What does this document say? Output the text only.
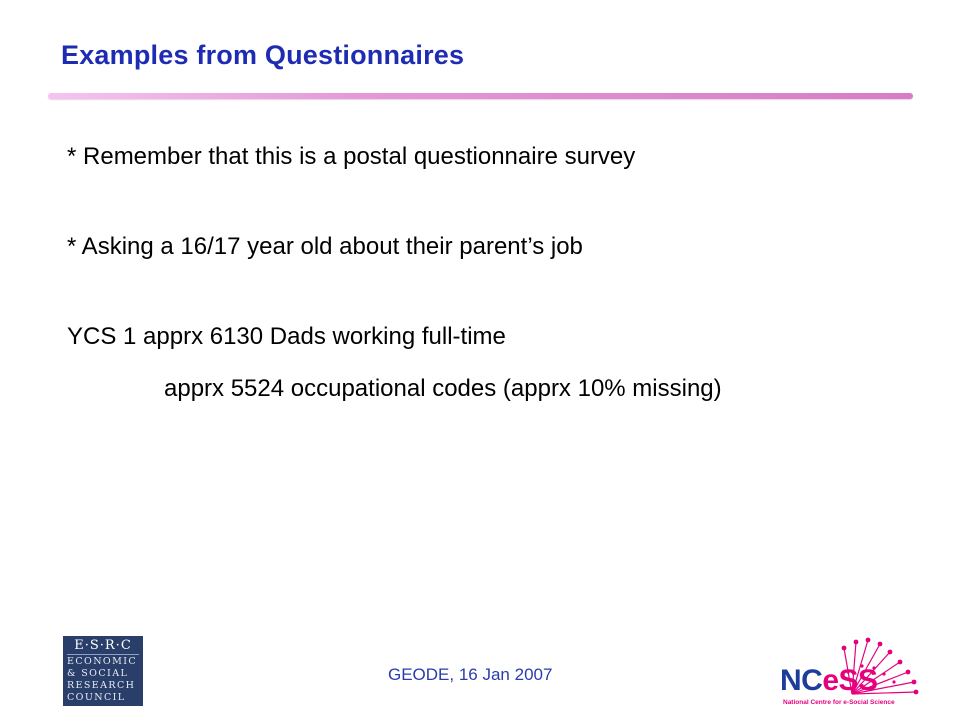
Examples from Questionnaires
* Remember that this is a postal questionnaire survey
* Asking a 16/17 year old about their parent’s job
YCS 1 apprx 6130 Dads working full-time
apprx 5524 occupational codes (apprx 10% missing)
E·S·R·C
ECONOMIC
& SOCIAL
RESEARCH
COUNCIL
GEODE, 16 Jan 2007	NCeSS
National Centre for e-Social Science
